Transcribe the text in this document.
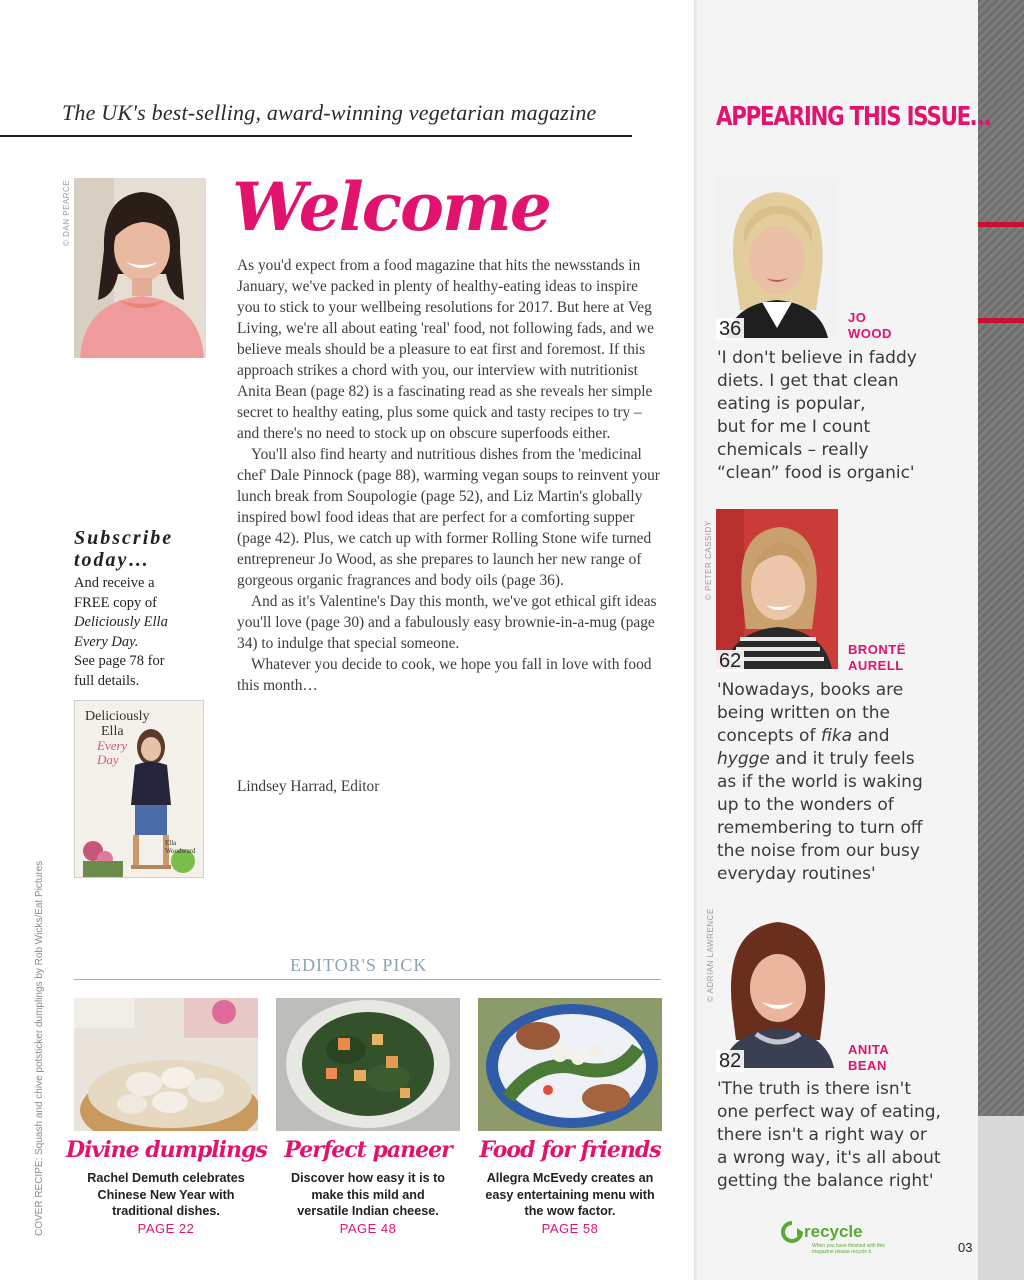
The UK's best-selling, award-winning vegetarian magazine
© DAN PEARCE Welcome

As you'd expect from a food magazine that hits the newsstands in January, we've packed in plenty of healthy-eating ideas to inspire you to stick to your wellbeing resolutions for 2017. But here at Veg Living, we're all about eating 'real' food, not following fads, and we believe meals should be a pleasure to eat first and foremost. If this approach strikes a chord with you, our interview with nutritionist Anita Bean (page 82) is a fascinating read as she reveals her simple secret to healthy eating, plus some quick and tasty recipes to try – and there's no need to stock up on obscure superfoods either.

You'll also find hearty and nutritious dishes from the 'medicinal chef' Dale Pinnock (page 88), warming vegan soups to reinvent your lunch break from Soupologie (page 52), and Liz Martin's globally inspired bowl food ideas that are perfect for a comforting supper (page 42). Plus, we catch up with former Rolling Stone wife turned entrepreneur Jo Wood, as she prepares to launch her new range of gorgeous organic fragrances and body oils (page 36).

And as it's Valentine's Day this month, we've got ethical gift ideas you'll love (page 30) and a fabulously easy brownie-in-a-mug (page 34) to indulge that special someone.

Whatever you decide to cook, we hope you fall in love with food this month…

Lindsey Harrad, Editor
Subscribe
today…
And receive a
FREE copy of
Deliciously Ella
Every Day.
See page 78 for
full details.
Deliciously
Ella
Every
Day
Ella
Woodward
COVER RECIPE: Squash and chive potsticker dumplings by Rob Wicks/Eat Pictures	EDITOR'S PICK
Divine dumplings
Rachel Demuth celebrates
Chinese New Year with
traditional dishes.
PAGE 22
Perfect paneer
Discover how easy it is to
make this mild and
versatile Indian cheese.
PAGE 48
Food for friends
Allegra McEvedy creates an
easy entertaining menu with
the wow factor.
PAGE 58
APPEARING THIS ISSUE…
36
JO
WOOD
'I don't believe in faddy
diets. I get that clean
eating is popular,
but for me I count
chemicals – really
“clean” food is organic'
© PETER CASSIDY
62
BRONTË
AURELL
'Nowadays, books are
being written on the
concepts of fika and
hygge and it truly feels
as if the world is waking
up to the wonders of
remembering to turn off
the noise from our busy
everyday routines'
© ADRIAN LAWRENCE
82
ANITA
BEAN
'The truth is there isn't
one perfect way of eating,
there isn't a right way or
a wrong way, it's all about
getting the balance right'
recycle
When you have finished with this magazine please recycle it.	03
